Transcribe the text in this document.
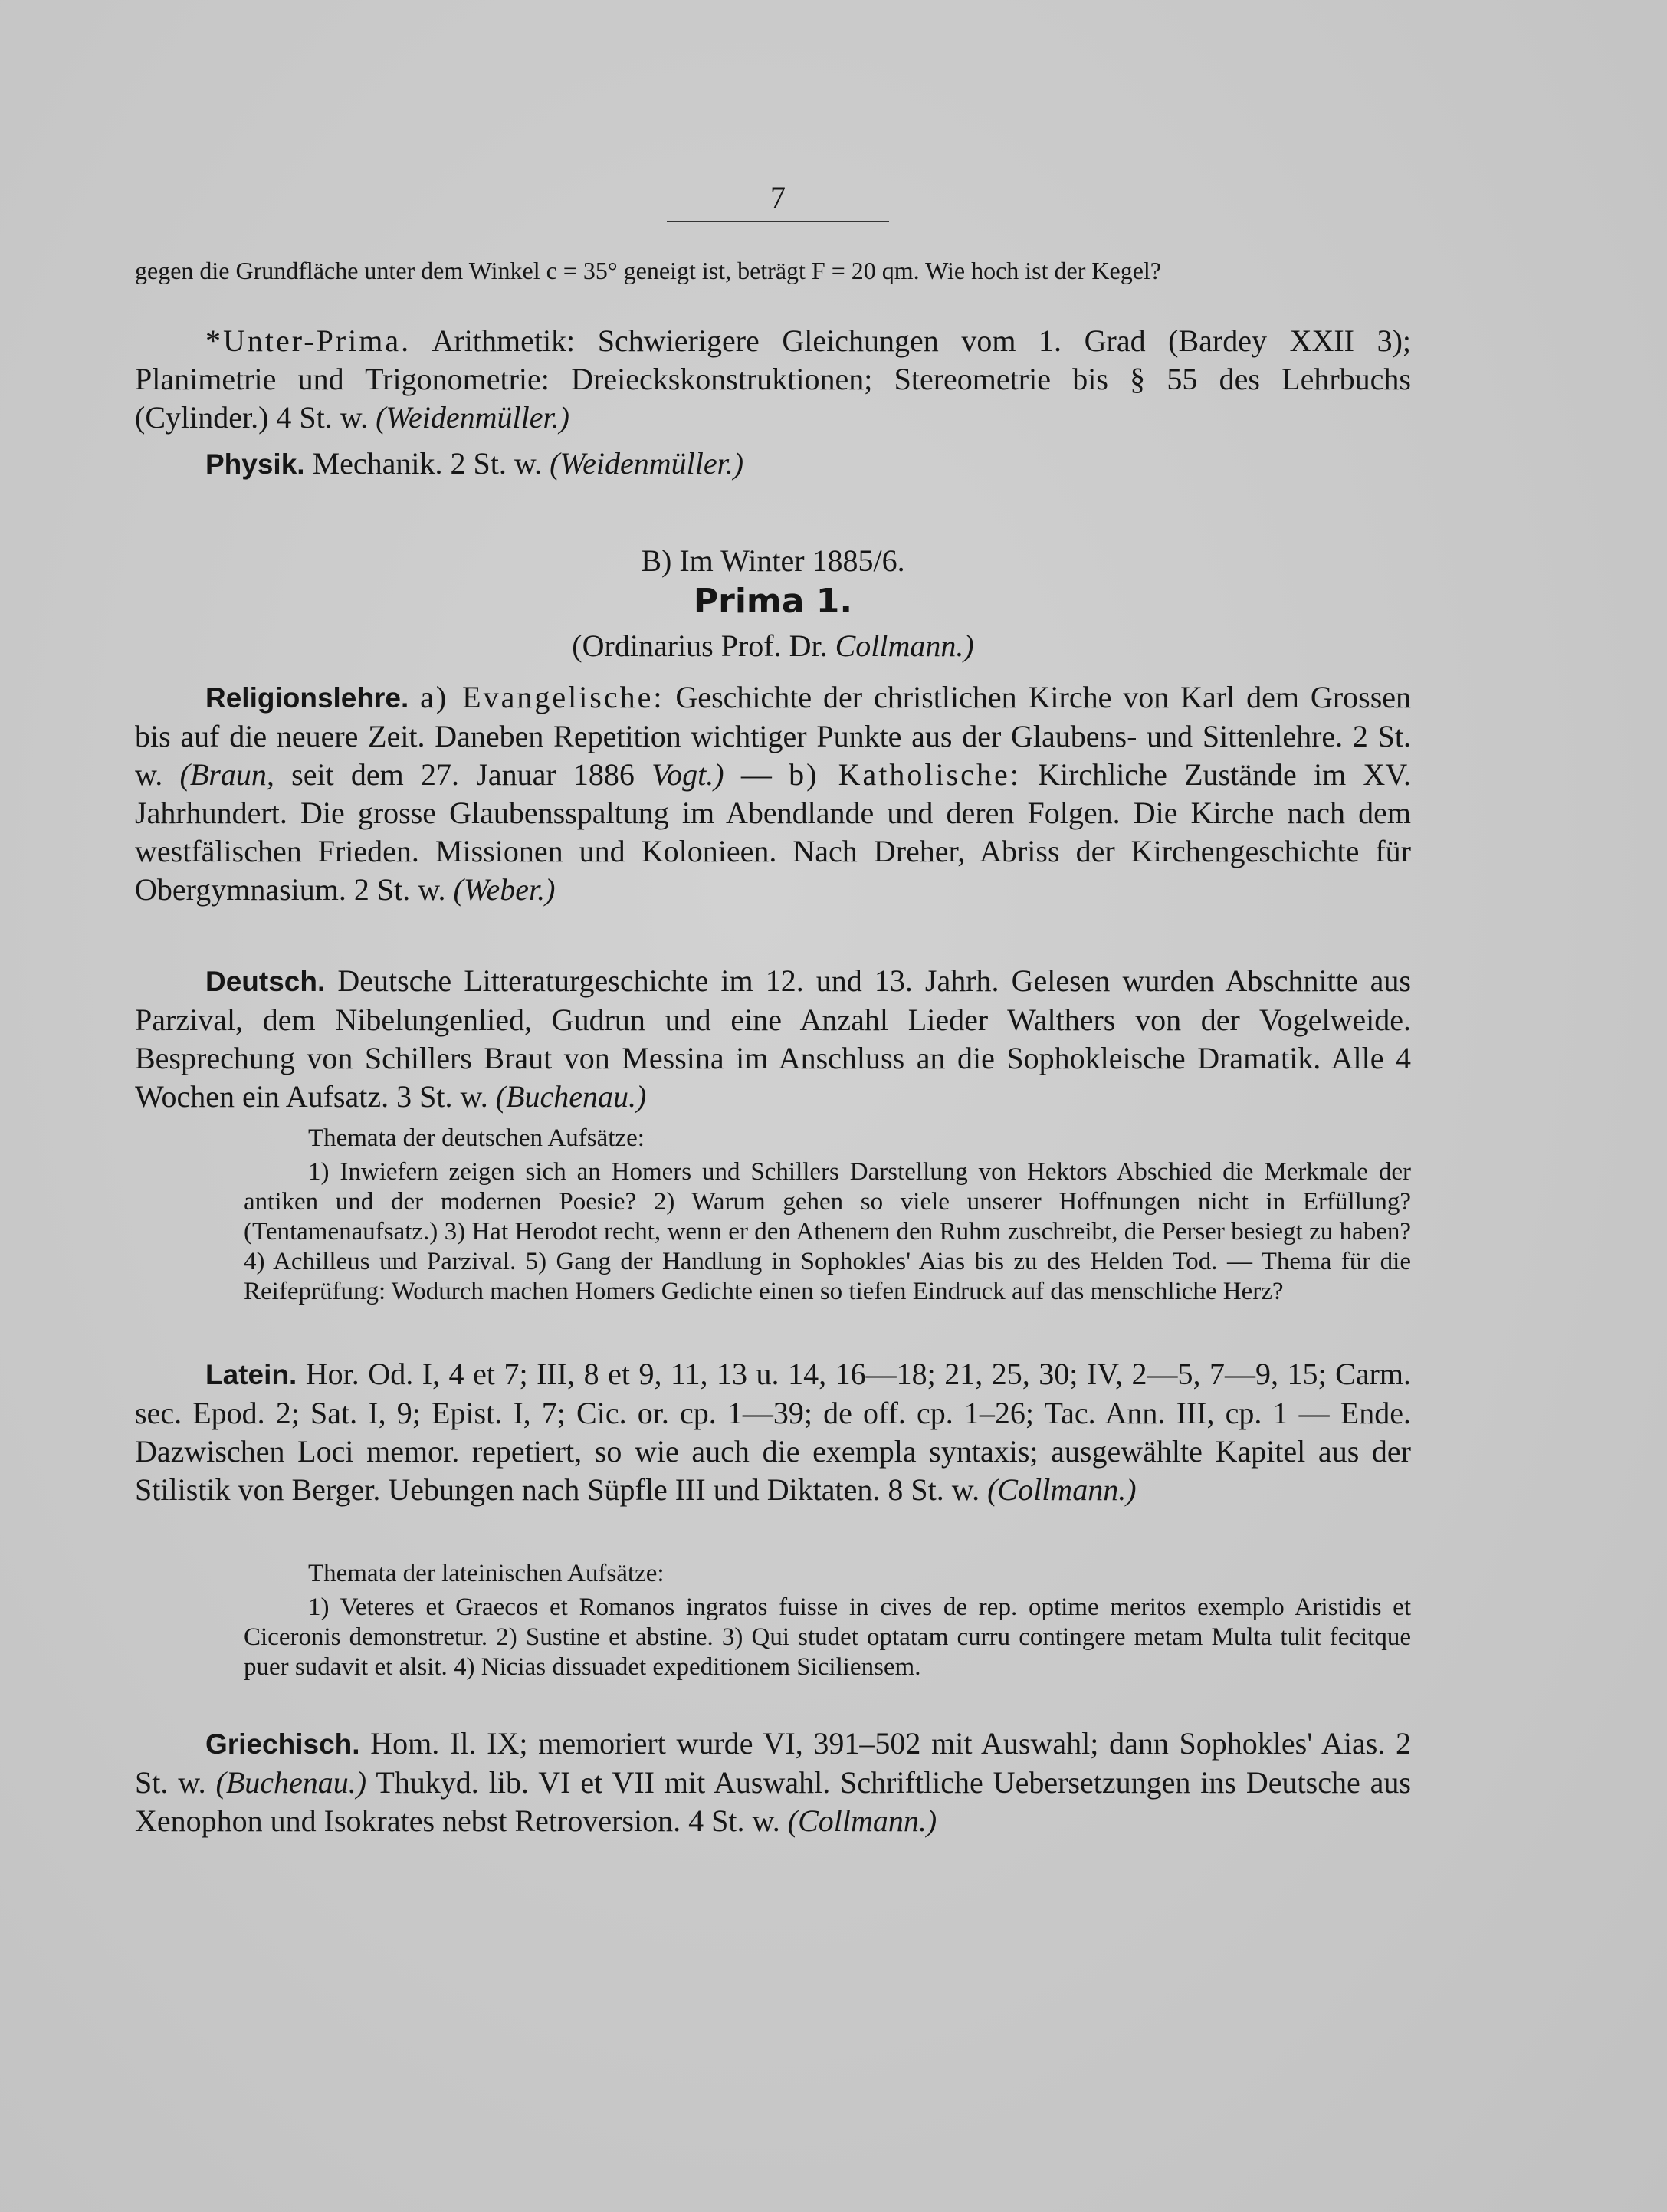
7
gegen die Grundfläche unter dem Winkel c = 35° geneigt ist, beträgt F = 20 qm. Wie hoch ist der Kegel?
*Unter-Prima. Arithmetik: Schwierigere Gleichungen vom 1. Grad (Bardey XXII 3); Planimetrie und Trigonometrie: Dreieckskonstruktionen; Stereometrie bis § 55 des Lehrbuchs (Cylinder.) 4 St. w. (Weidenmüller.)
Physik. Mechanik. 2 St. w. (Weidenmüller.)
B) Im Winter 1885/6.
Prima 1.
(Ordinarius Prof. Dr. Collmann.)
Religionslehre. a) Evangelische: Geschichte der christlichen Kirche von Karl dem Grossen bis auf die neuere Zeit. Daneben Repetition wichtiger Punkte aus der Glaubens- und Sittenlehre. 2 St. w. (Braun, seit dem 27. Januar 1886 Vogt.) — b) Katholische: Kirchliche Zustände im XV. Jahrhundert. Die grosse Glaubensspaltung im Abendlande und deren Folgen. Die Kirche nach dem westfälischen Frieden. Missionen und Kolonieen. Nach Dreher, Abriss der Kirchengeschichte für Obergymnasium. 2 St. w. (Weber.)
Deutsch. Deutsche Litteraturgeschichte im 12. und 13. Jahrh. Gelesen wurden Abschnitte aus Parzival, dem Nibelungenlied, Gudrun und eine Anzahl Lieder Walthers von der Vogelweide. Besprechung von Schillers Braut von Messina im Anschluss an die Sophokleische Dramatik. Alle 4 Wochen ein Aufsatz. 3 St. w. (Buchenau.)
Themata der deutschen Aufsätze:
1) Inwiefern zeigen sich an Homers und Schillers Darstellung von Hektors Abschied die Merkmale der antiken und der modernen Poesie? 2) Warum gehen so viele unserer Hoffnungen nicht in Erfüllung? (Tentamenaufsatz.) 3) Hat Herodot recht, wenn er den Athenern den Ruhm zuschreibt, die Perser besiegt zu haben? 4) Achilleus und Parzival. 5) Gang der Handlung in Sophokles' Aias bis zu des Helden Tod. — Thema für die Reifeprüfung: Wodurch machen Homers Gedichte einen so tiefen Eindruck auf das menschliche Herz?
Latein. Hor. Od. I, 4 et 7; III, 8 et 9, 11, 13 u. 14, 16—18; 21, 25, 30; IV, 2—5, 7—9, 15; Carm. sec. Epod. 2; Sat. I, 9; Epist. I, 7; Cic. or. cp. 1—39; de off. cp. 1–26; Tac. Ann. III, cp. 1 — Ende. Dazwischen Loci memor. repetiert, so wie auch die exempla syntaxis; ausgewählte Kapitel aus der Stilistik von Berger. Uebungen nach Süpfle III und Diktaten. 8 St. w. (Collmann.)
Themata der lateinischen Aufsätze:
1) Veteres et Graecos et Romanos ingratos fuisse in cives de rep. optime meritos exemplo Aristidis et Ciceronis demonstretur. 2) Sustine et abstine. 3) Qui studet optatam curru contingere metam Multa tulit fecitque puer sudavit et alsit. 4) Nicias dissuadet expeditionem Siciliensem.
Griechisch. Hom. Il. IX; memoriert wurde VI, 391–502 mit Auswahl; dann Sophokles' Aias. 2 St. w. (Buchenau.) Thukyd. lib. VI et VII mit Auswahl. Schriftliche Uebersetzungen ins Deutsche aus Xenophon und Isokrates nebst Retroversion. 4 St. w. (Collmann.)
